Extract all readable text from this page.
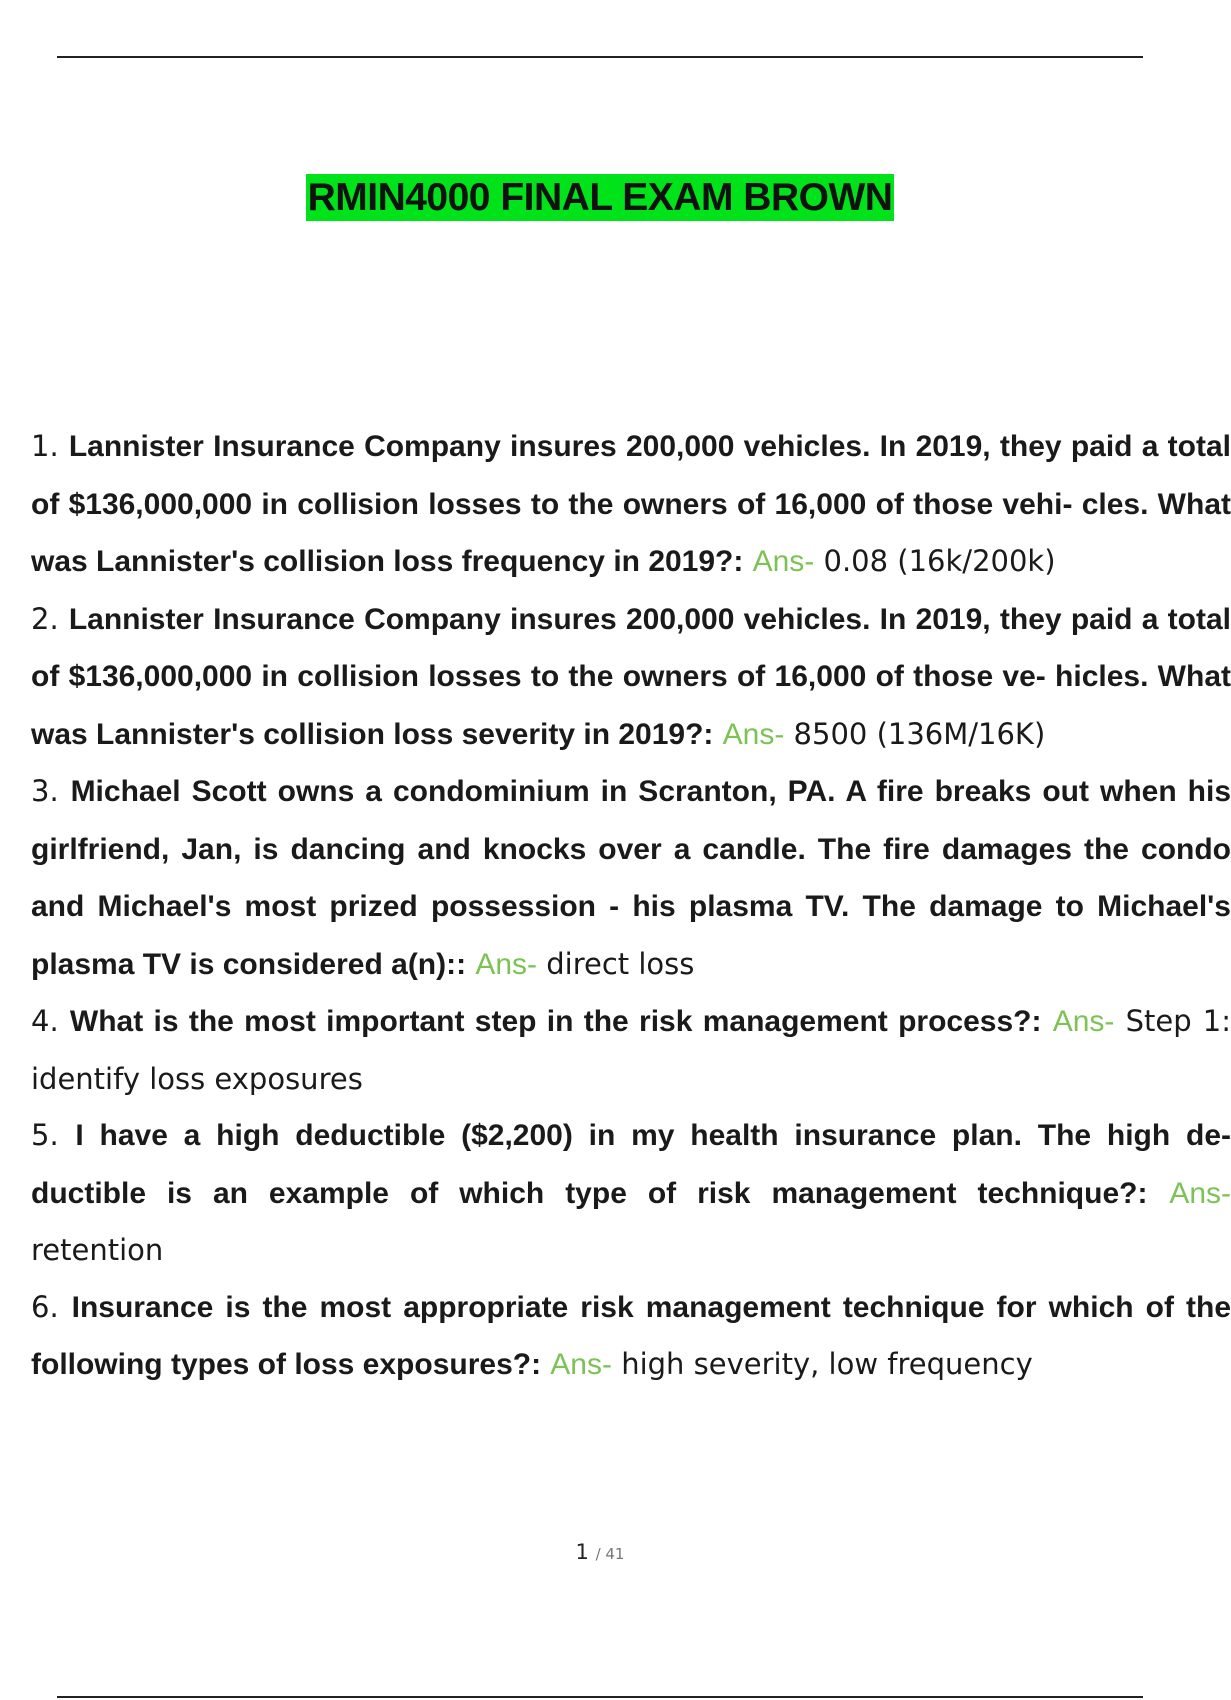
RMIN4000 FINAL EXAM BROWN
1. Lannister Insurance Company insures 200,000 vehicles. In 2019, they paid a total of $136,000,000 in collision losses to the owners of 16,000 of those vehi- cles. What was Lannister's collision loss frequency in 2019?: Ans- 0.08 (16k/200k)
2. Lannister Insurance Company insures 200,000 vehicles. In 2019, they paid a total of $136,000,000 in collision losses to the owners of 16,000 of those ve- hicles. What was Lannister's collision loss severity in 2019?: Ans- 8500 (136M/16K)
3. Michael Scott owns a condominium in Scranton, PA. A fire breaks out when his girlfriend, Jan, is dancing and knocks over a candle. The fire damages the condo and Michael's most prized possession - his plasma TV. The damage to Michael's plasma TV is considered a(n):: Ans- direct loss
4. What is the most important step in the risk management process?: Ans- Step 1: identify loss exposures
5. I have a high deductible ($2,200) in my health insurance plan. The high de- ductible is an example of which type of risk management technique?: Ans- retention
6. Insurance is the most appropriate risk management technique for which of the following types of loss exposures?: Ans- high severity, low frequency
1 / 41
